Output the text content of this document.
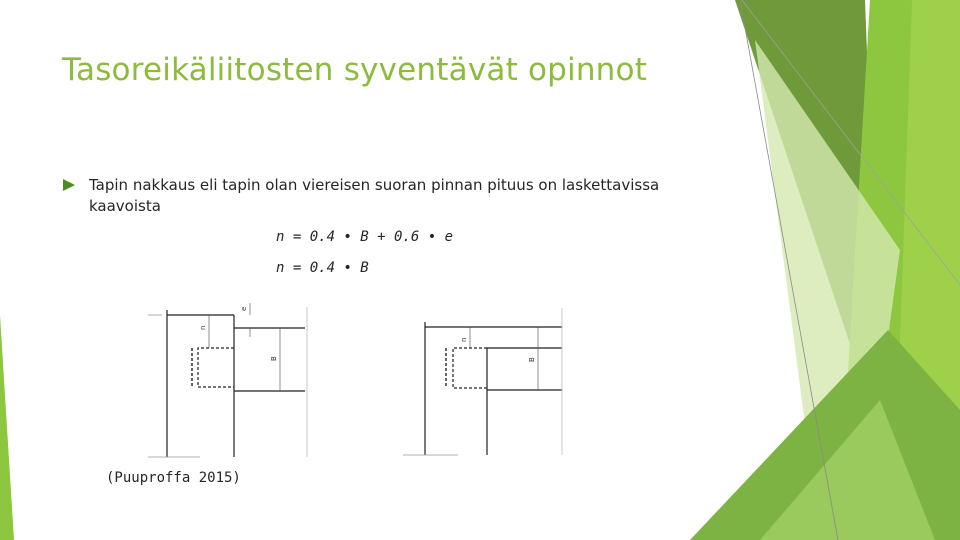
Tasoreikäliitosten syventävät opinnot
Tapin nakkaus eli tapin olan viereisen suoran pinnan pituus on laskettavissa kaavoista
n = 0.4 • B + 0.6 • e
n = 0.4 • B
n
e
B
n
B
(Puuproffa 2015)
